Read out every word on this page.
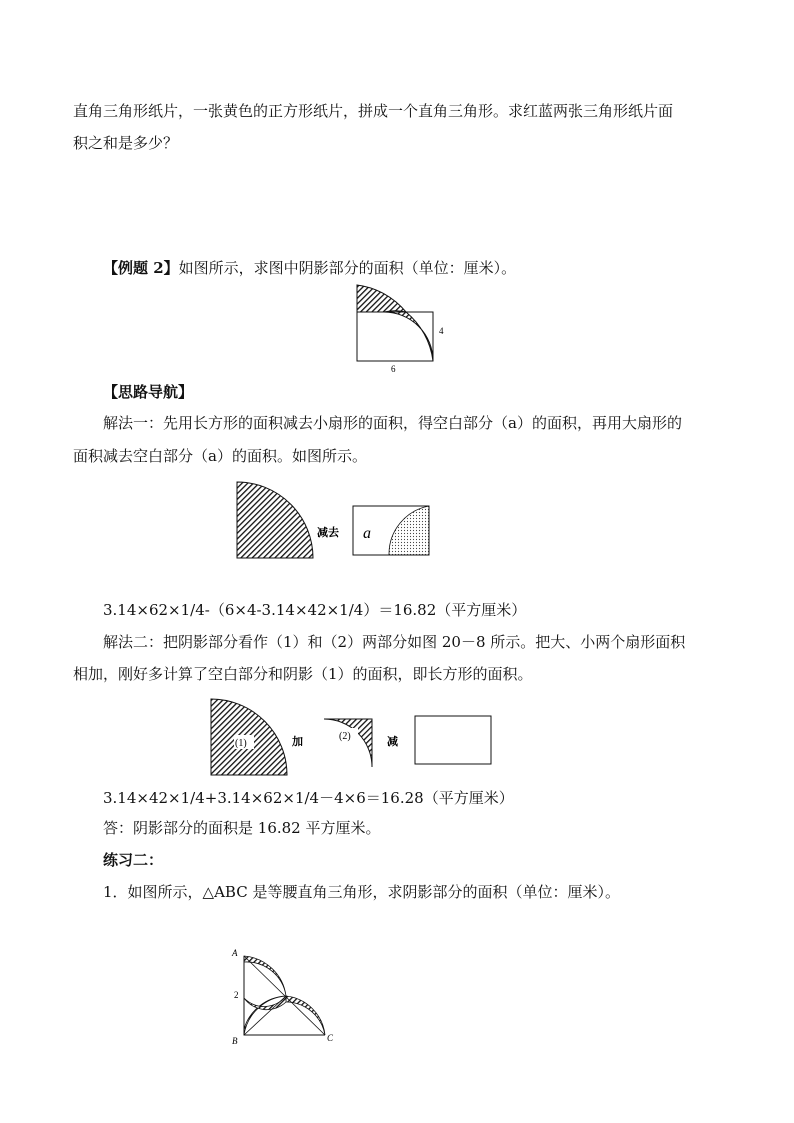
直角三角形纸片，一张黄色的正方形纸片，拼成一个直角三角形。求红蓝两张三角形纸片面
积之和是多少？
【例题 2】如图所示，求图中阴影部分的面积（单位：厘米）。
4
6
【思路导航】
解法一：先用长方形的面积减去小扇形的面积，得空白部分（a）的面积，再用大扇形的
面积减去空白部分（a）的面积。如图所示。
减去 a
3.14×62×1/4-（6×4-3.14×42×1/4）＝16.82（平方厘米）
解法二：把阴影部分看作（1）和（2）两部分如图 20－8 所示。把大、小两个扇形面积
相加，刚好多计算了空白部分和阴影（1）的面积，即长方形的面积。
(1)	加	(2)	减
3.14×42×1/4+3.14×62×1/4－4×6＝16.28（平方厘米）
答：阴影部分的面积是 16.82 平方厘米。
练习二：
1．如图所示，△ABC 是等腰直角三角形，求阴影部分的面积（单位：厘米）。
A
2
B	C
